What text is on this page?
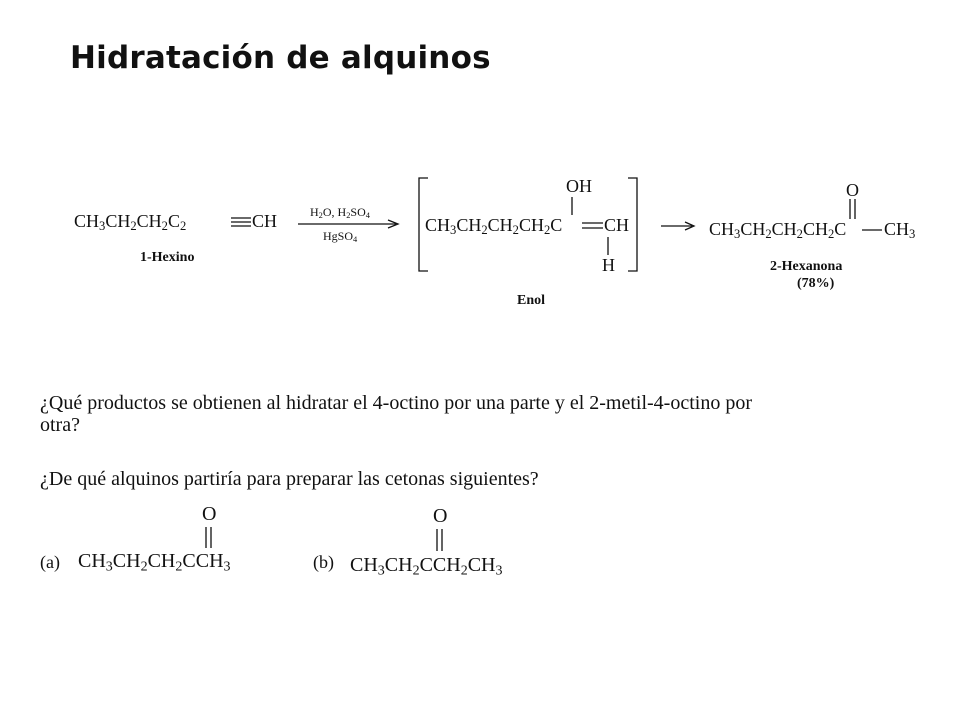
Hidratación de alquinos
$CH_3CH_2CH_2C_2$	CH
1-Hexino
$H_2O$, $H_2SO_4$
HgSO$_4$
$CH_3CH_2CH_2CH_2C$
OH
CH
H
Enol
$CH_3CH_2CH_2CH_2C$
O
$CH_3$
2-Hexanona
(78%)
¿Qué productos se obtienen al hidratar el 4-octino por una parte y el 2-metil-4-octino por
otra?
¿De qué alquinos partiría para preparar las cetonas siguientes?
(a)
O
$CH_3CH_2CH_2CCH_3$	(b)
O
$CH_3CH_2CCH_2CH_3$
